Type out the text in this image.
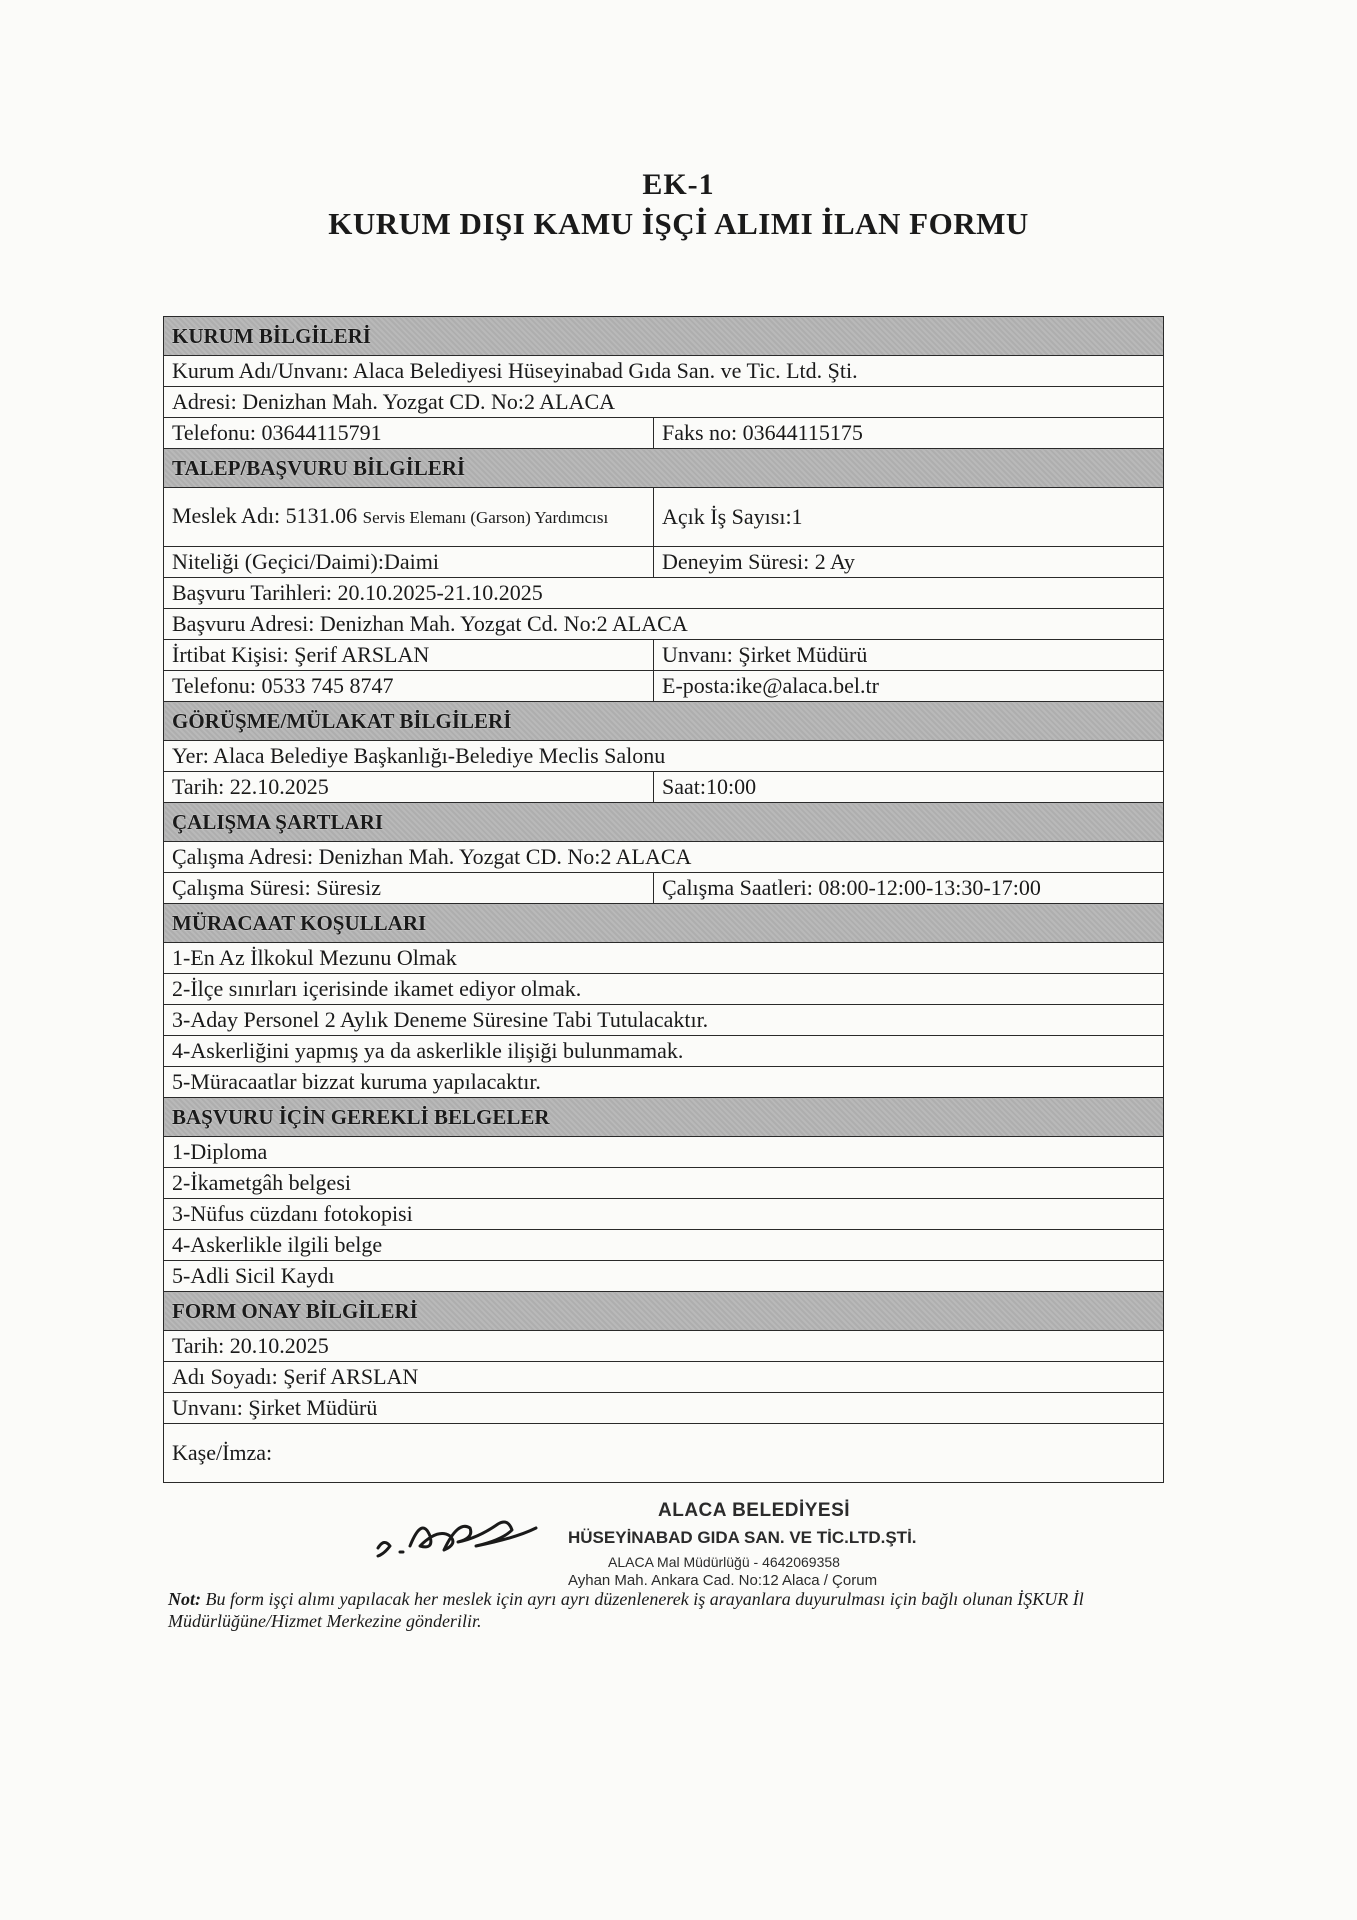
EK-1
KURUM DIŞI KAMU İŞÇİ ALIMI İLAN FORMU
KURUM BİLGİLERİ	
Kurum Adı/Unvanı: Alaca Belediyesi Hüseyinabad Gıda San. ve Tic. Ltd. Şti.	
Adresi: Denizhan Mah. Yozgat CD. No:2 ALACA	
Telefonu: 03644115791	Faks no: 03644115175
TALEP/BAŞVURU BİLGİLERİ	
Meslek Adı: 5131.06 Servis Elemanı (Garson) Yardımcısı	Açık İş Sayısı:1
Niteliği (Geçici/Daimi):Daimi	Deneyim Süresi: 2 Ay
Başvuru Tarihleri: 20.10.2025-21.10.2025	
Başvuru Adresi: Denizhan Mah. Yozgat Cd. No:2 ALACA	
İrtibat Kişisi: Şerif ARSLAN	Unvanı: Şirket Müdürü
Telefonu: 0533 745 8747	E-posta:ike@alaca.bel.tr
GÖRÜŞME/MÜLAKAT BİLGİLERİ	
Yer: Alaca Belediye Başkanlığı-Belediye Meclis Salonu	
Tarih: 22.10.2025	Saat:10:00
ÇALIŞMA ŞARTLARI	
Çalışma Adresi: Denizhan Mah. Yozgat CD. No:2 ALACA	
Çalışma Süresi: Süresiz	Çalışma Saatleri: 08:00-12:00-13:30-17:00
MÜRACAAT KOŞULLARI	
1-En Az İlkokul Mezunu Olmak	
2-İlçe sınırları içerisinde ikamet ediyor olmak.	
3-Aday Personel 2 Aylık Deneme Süresine Tabi Tutulacaktır.	
4-Askerliğini yapmış ya da askerlikle ilişiği bulunmamak.	
5-Müracaatlar bizzat kuruma yapılacaktır.	
BAŞVURU İÇİN GEREKLİ BELGELER	
1-Diploma	
2-İkametgâh belgesi	
3-Nüfus cüzdanı fotokopisi	
4-Askerlikle ilgili belge	
5-Adli Sicil Kaydı	
FORM ONAY BİLGİLERİ	
Tarih: 20.10.2025	
Adı Soyadı: Şerif ARSLAN	
Unvanı: Şirket Müdürü	
Kaşe/İmza:	
ALACA BELEDİYESİ
HÜSEYİNABAD GIDA SAN. VE TİC.LTD.ŞTİ.
ALACA Mal Müdürlüğü - 4642069358
Ayhan Mah. Ankara Cad. No:12 Alaca / Çorum
Not: Bu form işçi alımı yapılacak her meslek için ayrı ayrı düzenlenerek iş arayanlara duyurulması için bağlı olunan İŞKUR İl Müdürlüğüne/Hizmet Merkezine gönderilir.
